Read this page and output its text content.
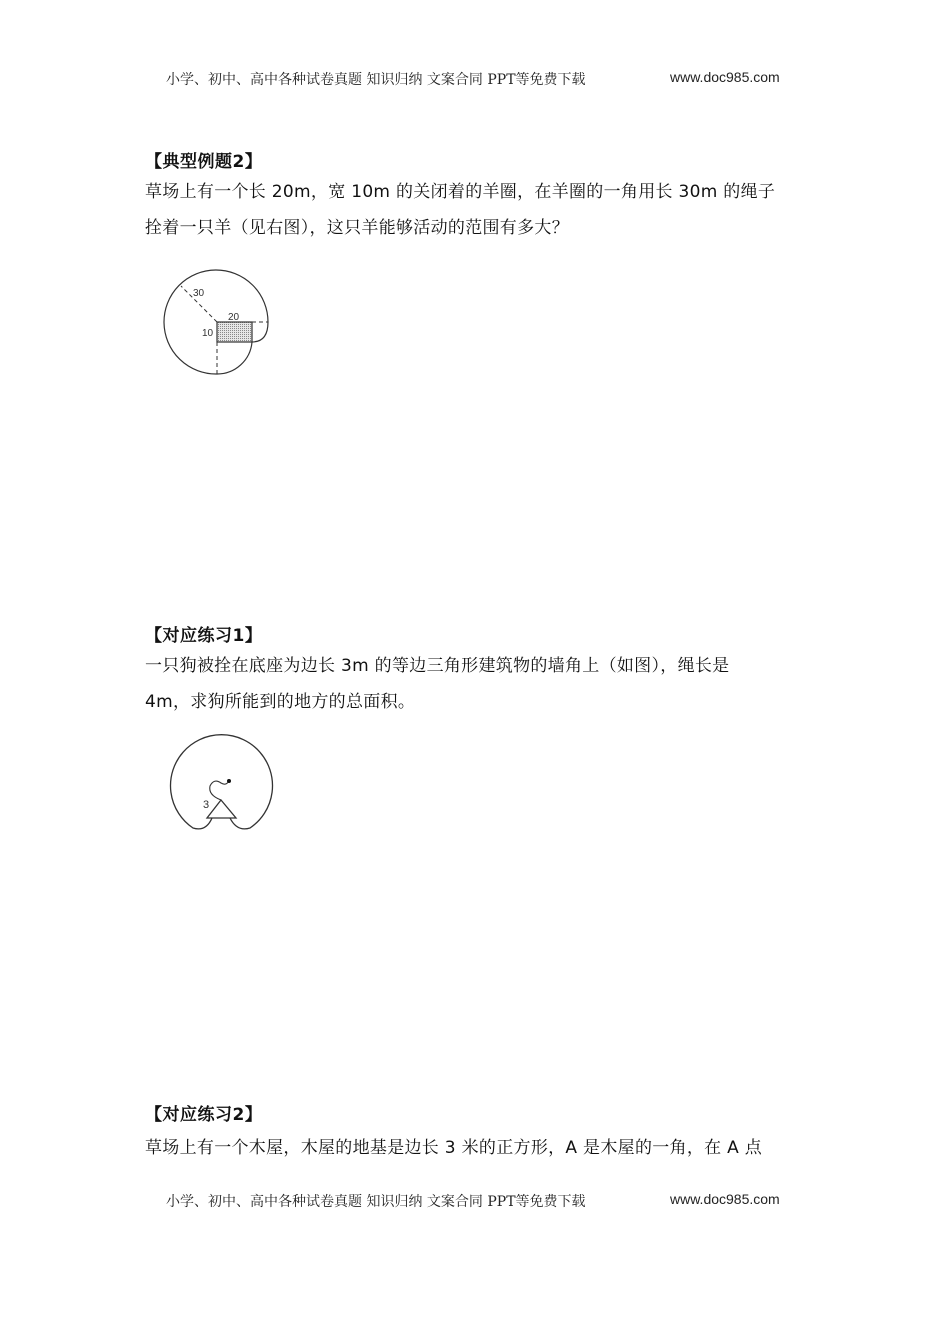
小学、初中、高中各种试卷真题 知识归纳 文案合同 PPT等免费下载	www.doc985.com
【典型例题2】
草场上有一个长 20m，宽 10m 的关闭着的羊圈，在羊圈的一角用长 30m 的绳子
拴着一只羊（见右图），这只羊能够活动的范围有多大？
30
20
10
【对应练习1】
一只狗被拴在底座为边长 3m 的等边三角形建筑物的墙角上（如图），绳长是
4m，求狗所能到的地方的总面积。
3
【对应练习2】
草场上有一个木屋，木屋的地基是边长 3 米的正方形，A 是木屋的一角，在 A 点
小学、初中、高中各种试卷真题 知识归纳 文案合同 PPT等免费下载	www.doc985.com
